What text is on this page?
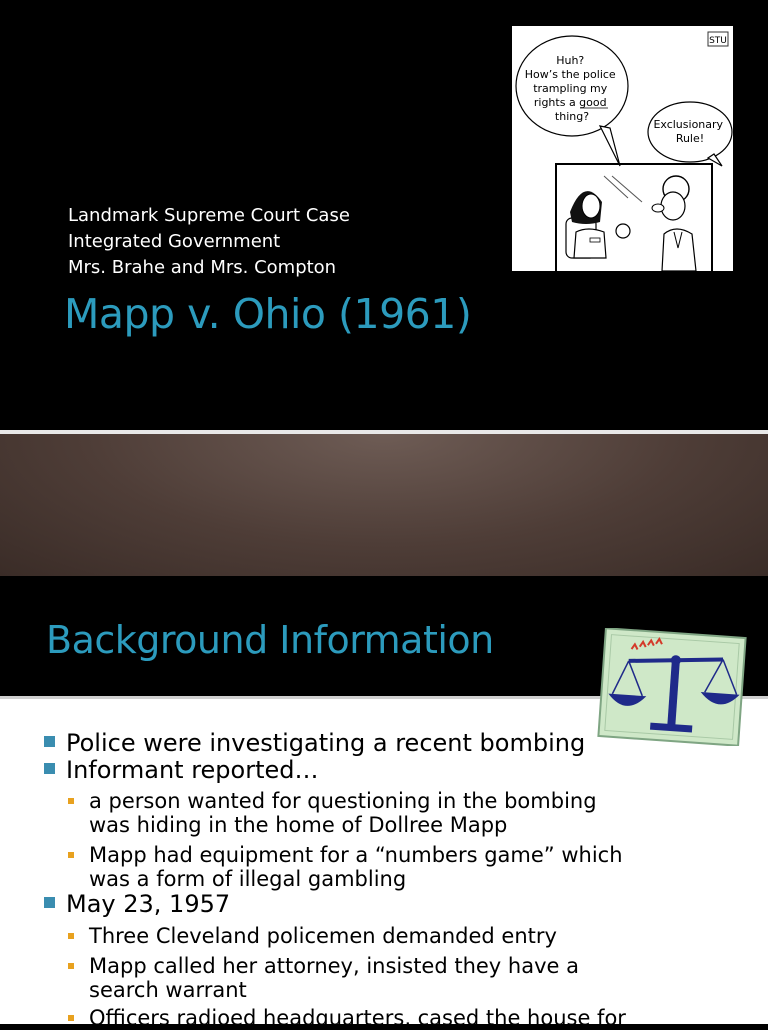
Landmark Supreme Court Case
Integrated Government
Mrs. Brahe and Mrs. Compton
Mapp v. Ohio (1961)
STU
Huh? How’s the police trampling my rights a good thing?
Exclusionary Rule!
Background Information
Police were investigating a recent bombing
Informant reported…
a person wanted for questioning in the bombing
was hiding in the home of Dollree Mapp
Mapp had equipment for a “numbers game” which
was a form of illegal gambling
May 23, 1957
Three Cleveland policemen demanded entry
Mapp called her attorney, insisted they have a
search warrant
Officers radioed headquarters, cased the house for
